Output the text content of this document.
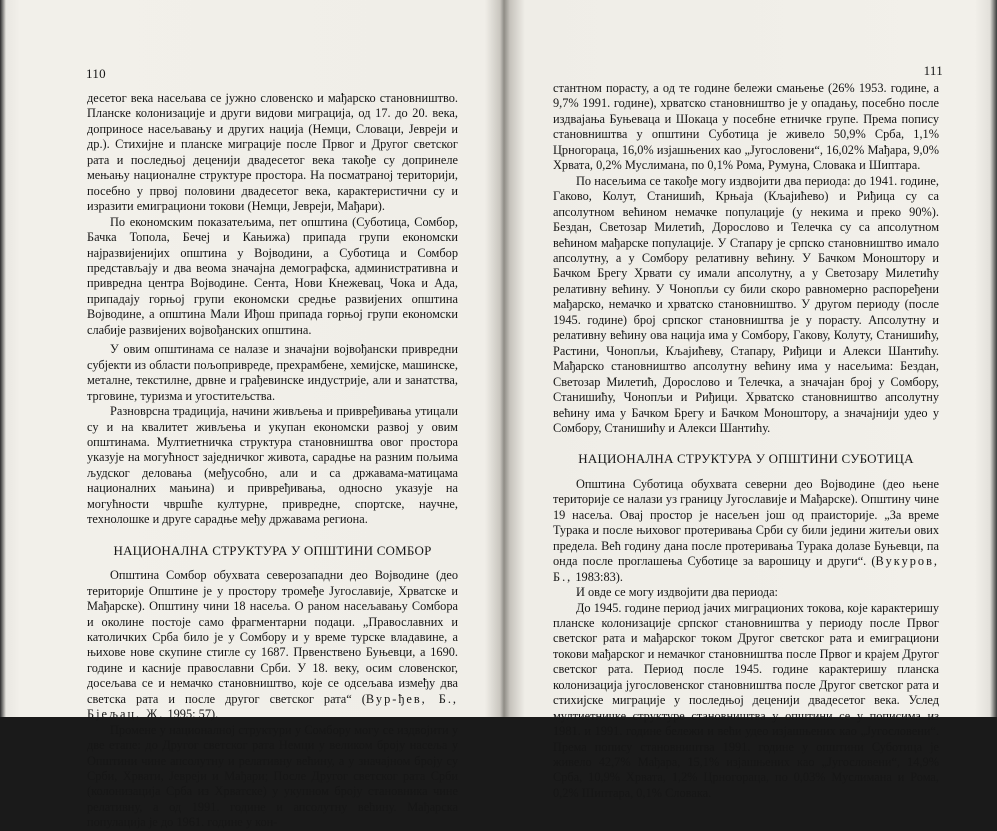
110

десетог века насељава се јужно словенско и мађарско становништво. Планске колонизације и други видови миграција, од 17. до 20. века, доприносе насељавању и других нација (Немци, Словаци, Јевреји и др.). Стихијне и планске миграције после Првог и Другог светског рата и последњој деценији двадесетог века такође су допринеле мењању националне структуре простора. На посматраној територији, посебно у првој половини двадесетог века, карактеристични су и изразити емиграциони токови (Немци, Јевреји, Мађари).

По економским показатељима, пет општина (Суботица, Сомбор, Бачка Топола, Бечеј и Кањижа) припада групи економски најразвијенијих општина у Војводини, а Суботица и Сомбор представљају и два веома значајна демографска, административна и привредна центра Војводине. Сента, Нови Кнежевац, Чока и Ада, припадају горњој групи економски средње развијених општина Војводине, а општина Мали Иђош припада горњој групи економски слабије развијених војвођанских општина.

У овим општинама се налазе и значајни војвођански привредни субјекти из области пољопривреде, прехрамбене, хемијске, машинске, металне, текстилне, дрвне и грађевинске индустрије, али и занатства, трговине, туризма и угоститељства.

Разноврсна традиција, начини живљења и привређивања утицали су и на квалитет живљења и укупан економски развој у овим општинама. Мултиетничка структура становништва овог простора указује на могућност заједничког живота, сарадње на разним пољима људског деловања (међусобно, али и са државама-матицама националних мањина) и привређивања, односно указује на могућности чвршће културне, привредне, спортске, научне, технолошке и друге сарадње међу државама региона.

НАЦИОНАЛНА СТРУКТУРА У ОПШТИНИ СОМБОР

Општина Сомбор обухвата северозападни део Војводине (део територије Општине је у простору тромеђе Југославије, Хрватске и Мађарске). Општину чини 18 насеља. О раном насељавању Сомбора и околине постоје само фрагментарни подаци. „Православних и католичких Срба било је у Сомбору и у време турске владавине, а њихове нове скупине стигле су 1687. Првенствено Буњевци, а 1690. године и касније православни Срби. У 18. веку, осим словенског, досељава се и немачко становништво, које се одсељава између два светска рата и после другог светског рата“ (Вур-ђев, Б., Бјељац, Ж. 1995: 57).

Промене у националној структури у Сомбору могу се издвојити у две етапе: до Другог светског рата Немци у великом броју насеља у Општини чине апсолутну и релативну већину, а у значајном броју су Срби, Хрвати, Јевреји и Мађари; После Другог светског рата Срби (колонизација Срба из Хрватске) у укупном броју становника чине релативну, а од 1991. године и апсолутну већину. Мађарска популација је до 1961. године у кон-

111

стантном порасту, а од те године бележи смањење (26% 1953. године, а 9,7% 1991. године), хрватско становништво је у опадању, посебно после издвајања Буњеваца и Шокаца у посебне етничке групе. Према попису становништва у општини Суботица је живело 50,9% Срба, 1,1% Црногораца, 16,0% изјашњених као „Југословени“, 16,02% Мађара, 9,0% Хрвата, 0,2% Муслимана, по 0,1% Рома, Румуна, Словака и Шиптара.

По насељима се такође могу издвојити два периода: до 1941. године, Гаково, Колут, Станишић, Крњаја (Кљајићево) и Риђица су са апсолутном већином немачке популације (у некима и преко 90%). Бездан, Светозар Милетић, Дорослово и Телечка су са апсолутном већином мађарске популације. У Стапару је српско становништво имало апсолутну, а у Сомбору релативну већину. У Бачком Моноштору и Бачком Брегу Хрвати су имали апсолутну, а у Светозару Милетићу релативну већину. У Чонопљи су били скоро равномерно распоређени мађарско, немачко и хрватско становништво. У другом периоду (после 1945. године) број српског становништва је у порасту. Апсолутну и релативну већину ова нација има у Сомбору, Гакову, Колуту, Станишићу, Растини, Чонопљи, Кљајићеву, Стапару, Риђици и Алекси Шантићу. Мађарско становништво апсолутну већину има у насељима: Бездан, Светозар Милетић, Дорослово и Телечка, а значајан број у Сомбору, Станишићу, Чонопљи и Риђици. Хрватско становништво апсолутну већину има у Бачком Брегу и Бачком Моноштору, а значајнији удео у Сомбору, Станишићу и Алекси Шантићу.

НАЦИОНАЛНА СТРУКТУРА У ОПШТИНИ СУБОТИЦА

Општина Суботица обухвата северни део Војводине (део њене територије се налази уз границу Југославије и Мађарске). Општину чине 19 насеља. Овај простор је насељен још од праисторије. „За време Турака и после њиховог протеривања Срби су били једини житељи ових предела. Већ годину дана после протеривања Турака долазе Буњевци, па онда после проглашења Суботице за варошицу и други“. (Вукуров, Б., 1983:83).

И овде се могу издвојити два периода:

До 1945. године период јачих миграционих токова, које карактеришу планске колонизације српског становништва у периоду после Првог светског рата и мађарског током Другог светског рата и емиграциони токови мађарског и немачког становништва после Првог и крајем Другог светског рата. Период после 1945. године карактеришу планска колонизација југословенског становништва после Другог светског рата и стихијске миграције у последњој деценији двадесетог века. Услед мултиетничке структуре становништва у општини се у пописима из 1981. и 1991. године бележи и већи удео изјашњених као „Југословени“. Према попису становништва 1991. године у општини Суботица је живело 42,7% Мађара, 15,1% изјашњених као „Југословени“, 14,9% Срба, 10,9% Хрвата, 1,2% Црногораца, по 0,03% Муслимана и Рома, 0,2% Шиптара, 0,1% Словака.
